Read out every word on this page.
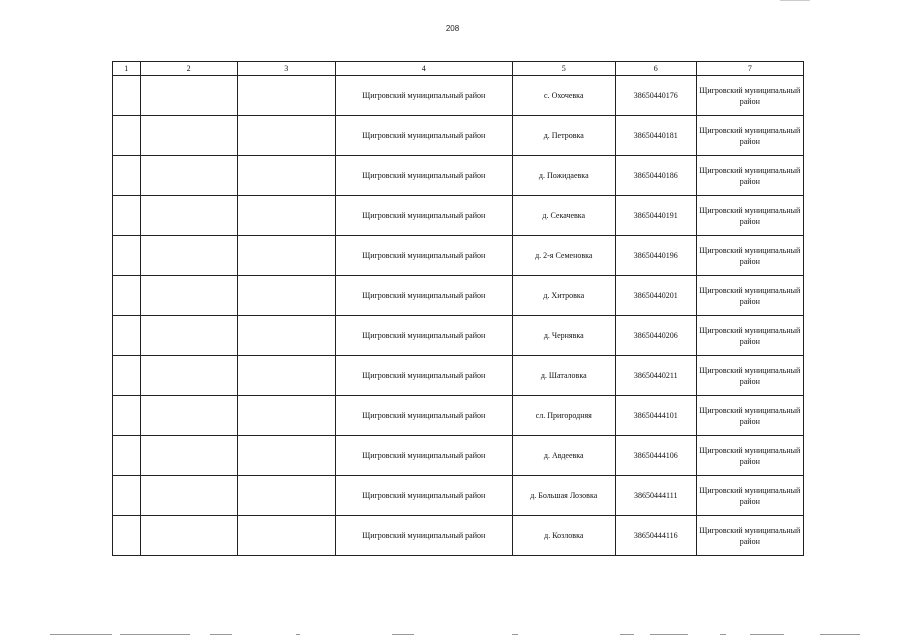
208
1	2	3	4	5	6	7
			Щигровский муниципальный район	с. Охочевка	38650440176	Щигровский муниципальный район
			Щигровский муниципальный район	д. Петровка	38650440181	Щигровский муниципальный район
			Щигровский муниципальный район	д. Пожидаевка	38650440186	Щигровский муниципальный район
			Щигровский муниципальный район	д. Секачевка	38650440191	Щигровский муниципальный район
			Щигровский муниципальный район	д. 2-я Семеновка	38650440196	Щигровский муниципальный район
			Щигровский муниципальный район	д. Хитровка	38650440201	Щигровский муниципальный район
			Щигровский муниципальный район	д. Чернявка	38650440206	Щигровский муниципальный район
			Щигровский муниципальный район	д. Шаталовка	38650440211	Щигровский муниципальный район
			Щигровский муниципальный район	сл. Пригородняя	38650444101	Щигровский муниципальный район
			Щигровский муниципальный район	д. Авдеевка	38650444106	Щигровский муниципальный район
			Щигровский муниципальный район	д. Большая Лозовка	38650444111	Щигровский муниципальный район
			Щигровский муниципальный район	д. Козловка	38650444116	Щигровский муниципальный район
